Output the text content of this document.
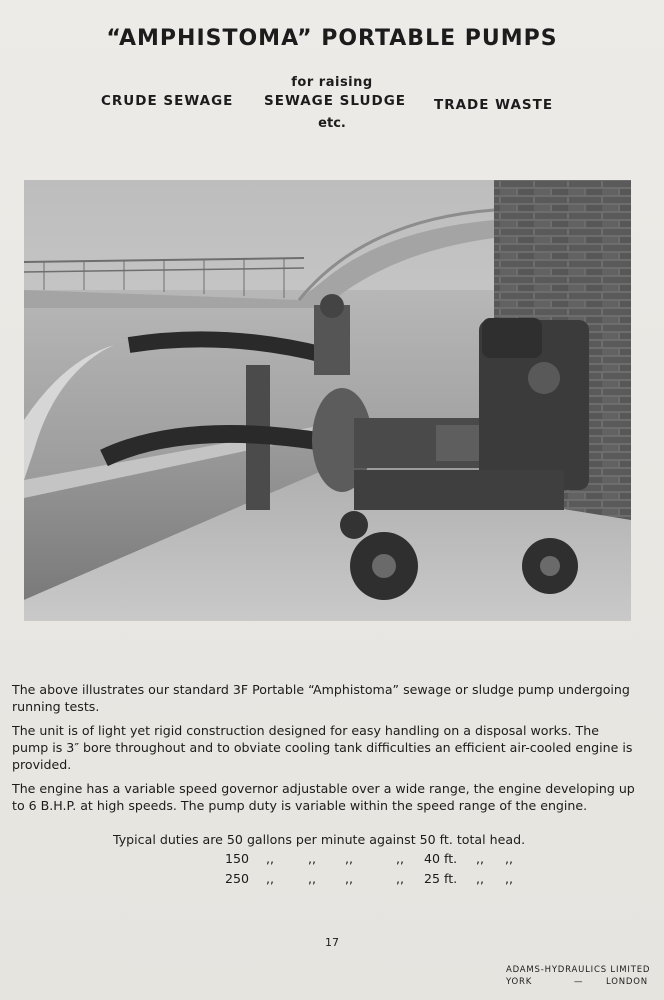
“AMPHISTOMA” PORTABLE PUMPS
for raising
CRUDE SEWAGE SEWAGE SLUDGE TRADE WASTE
etc.

The above illustrates our standard 3F Portable “Amphistoma” sewage or sludge pump undergoing running tests.

The unit is of light yet rigid construction designed for easy handling on a disposal works. The pump is 3″ bore throughout and to obviate cooling tank difficulties an efficient air-cooled engine is provided.

The engine has a variable speed governor adjustable over a wide range, the engine developing up to 6 B.H.P. at high speeds. The pump duty is variable within the speed range of the engine.

Typical duties are 50 gallons per minute against 50 ft. total head.
150 ,,	,, ,,	,, 40 ft. ,, ,,
250 ,,	,, ,,	,, 25 ft. ,, ,,
17
ADAMS-HYDRAULICS LIMITED
YORK	—	LONDON
